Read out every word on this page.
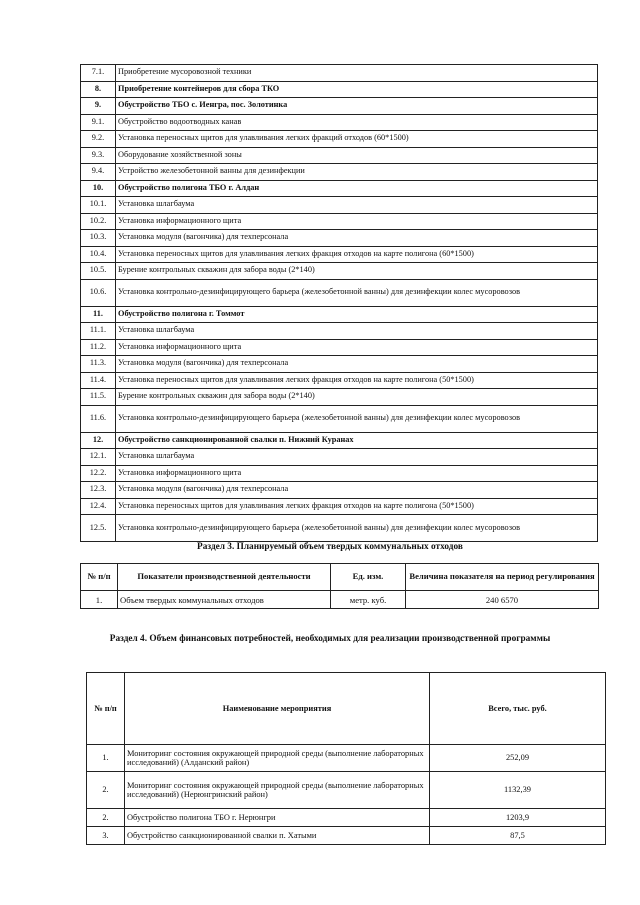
7.1.	Приобретение мусоровозной техники
8.	Приобретение контейнеров для сбора ТКО
9.	Обустройство ТБО с. Иенгра, пос. Золотинка
9.1.	Обустройство водоотводных канав
9.2.	Установка переносных щитов для улавливания легких фракций отходов (60*1500)
9.3.	Оборудование хозяйственной зоны
9.4.	Устройство железобетонной ванны для дезинфекции
10.	Обустройство полигона ТБО г. Алдан
10.1.	Установка шлагбаума
10.2.	Установка информационного щита
10.3.	Установка модуля (вагончика) для техперсонала
10.4.	Установка переносных щитов для улавливания легких фракция отходов на карте полигона (60*1500)
10.5.	Бурение контрольных скважин для забора воды (2*140)
10.6.	Установка контрольно-дезинфицирующего барьера (железобетонной ванны) для дезинфекции колес мусоровозов
11.	Обустройство полигона г. Томмот
11.1.	Установка шлагбаума
11.2.	Установка информационного щита
11.3.	Установка модуля (вагончика) для техперсонала
11.4.	Установка переносных щитов для улавливания легких фракция отходов на карте полигона (50*1500)
11.5.	Бурение контрольных скважин для забора воды (2*140)
11.6.	Установка контрольно-дезинфицирующего барьера (железобетонной ванны) для дезинфекции колес мусоровозов
12.	Обустройство санкционированной свалки п. Нижний Куранах
12.1.	Установка шлагбаума
12.2.	Установка информационного щита
12.3.	Установка модуля (вагончика) для техперсонала
12.4.	Установка переносных щитов для улавливания легких фракция отходов на карте полигона (50*1500)
12.5.	Установка контрольно-дезинфицирующего барьера (железобетонной ванны) для дезинфекции колес мусоровозов
Раздел 3. Планируемый объем твердых коммунальных отходов
№ п/п	Показатели производственной деятельности	Ед. изм.	Величина показателя на период регулирования
1.	Объем твердых коммунальных отходов	метр. куб.	240 6570
Раздел 4. Объем финансовых потребностей, необходимых для реализации производственной программы
№ п/п	Наименование мероприятия	Всего, тыс. руб.
1.	Мониторинг состояния окружающей природной среды (выполнение лабораторных исследований) (Алданский район)	252,09
2.	Мониторинг состояния окружающей природной среды (выполнение лабораторных исследований) (Нерюнгринский район)	1132,39
2.	Обустройство полигона ТБО г. Нерюнгри	1203,9
3.	Обустройство санкционированной свалки п. Хатыми	87,5
